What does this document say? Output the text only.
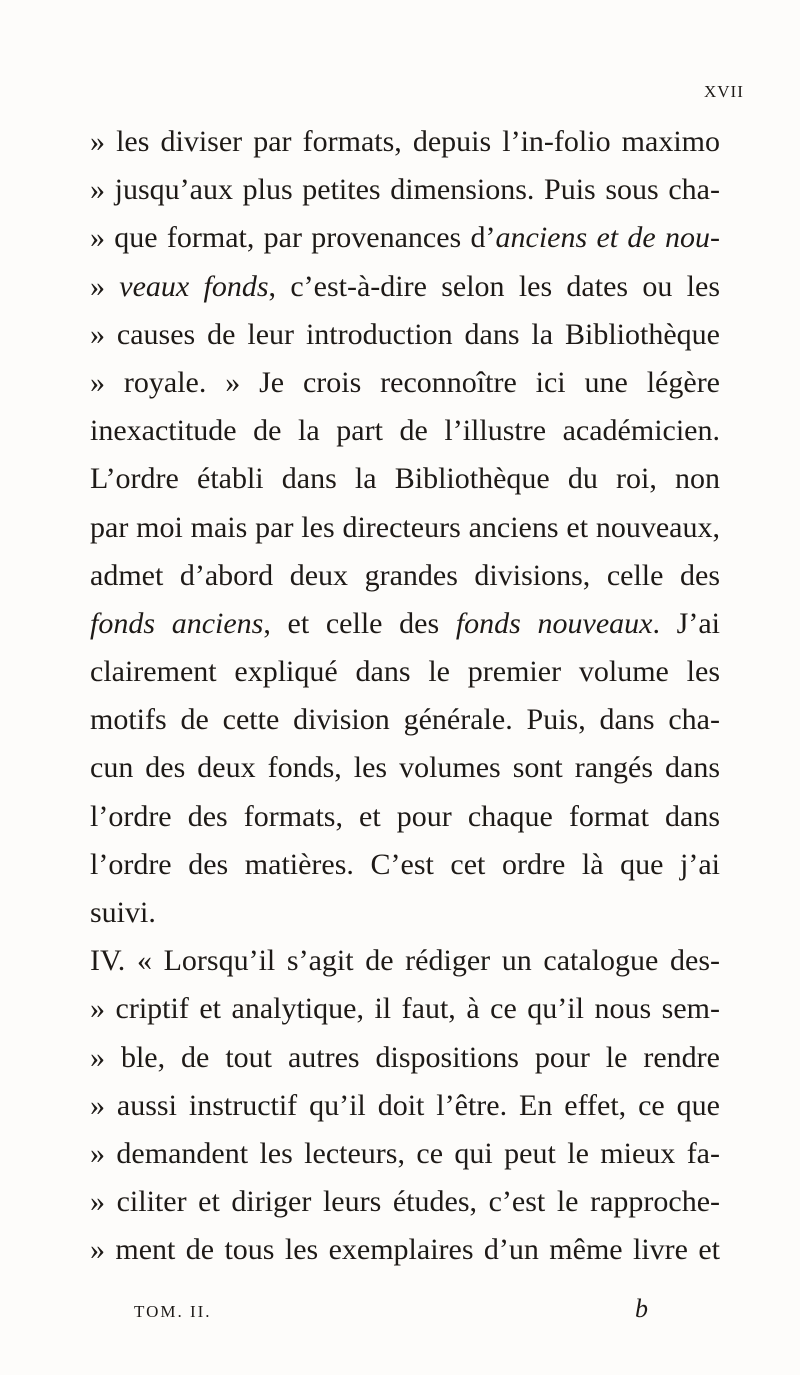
XVII
» les diviser par formats, depuis l’in-folio maximo
» jusqu’aux plus petites dimensions. Puis sous cha-
» que format, par provenances d’anciens et de nou-
» veaux fonds, c’est-à-dire selon les dates ou les
» causes de leur introduction dans la Bibliothèque
» royale. » Je crois reconnoître ici une légère
inexactitude de la part de l’illustre académicien.
L’ordre établi dans la Bibliothèque du roi, non
par moi mais par les directeurs anciens et nouveaux,
admet d’abord deux grandes divisions, celle des
fonds anciens, et celle des fonds nouveaux. J’ai
clairement expliqué dans le premier volume les
motifs de cette division générale. Puis, dans cha-
cun des deux fonds, les volumes sont rangés dans
l’ordre des formats, et pour chaque format dans
l’ordre des matières. C’est cet ordre là que j’ai
suivi.
IV. « Lorsqu’il s’agit de rédiger un catalogue des-
» criptif et analytique, il faut, à ce qu’il nous sem-
» ble, de tout autres dispositions pour le rendre
» aussi instructif qu’il doit l’être. En effet, ce que
» demandent les lecteurs, ce qui peut le mieux fa-
» ciliter et diriger leurs études, c’est le rapproche-
» ment de tous les exemplaires d’un même livre et
TOM. II.	b
